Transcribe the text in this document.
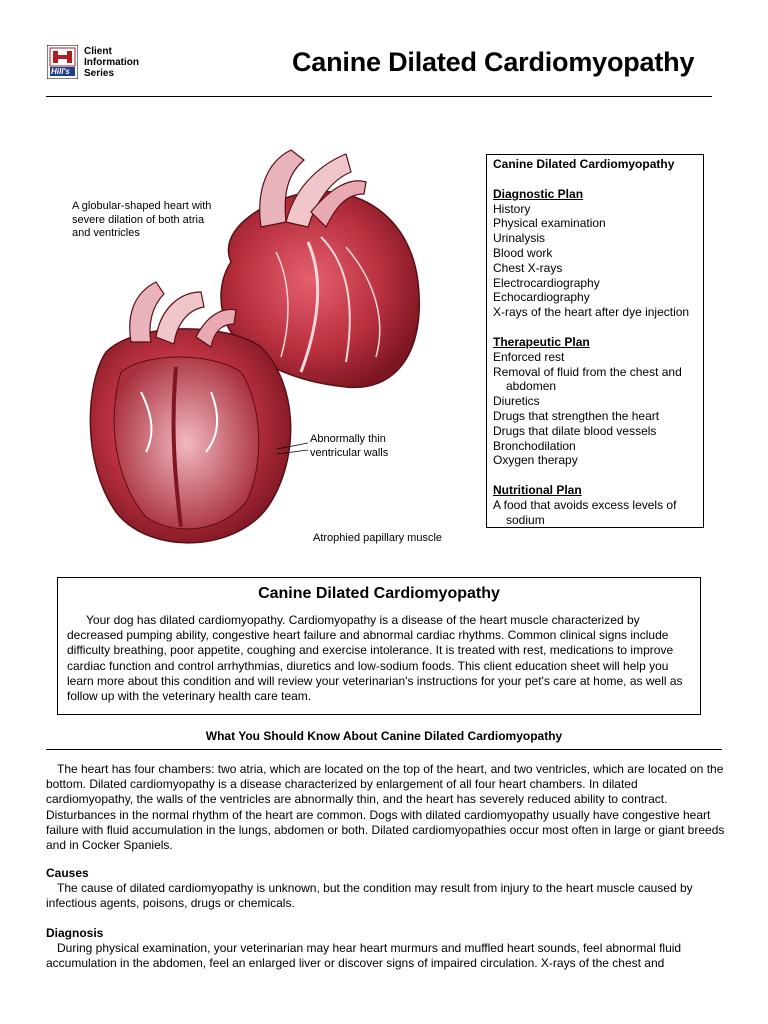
Hill's
Client
Information
Series	Canine Dilated Cardiomyopathy
A globular-shaped heart with
severe dilation of both atria
and ventricles
Abnormally thin
ventricular walls
Atrophied papillary muscle
Canine Dilated Cardiomyopathy
Diagnostic Plan
History
Physical examination
Urinalysis
Blood work
Chest X-rays
Electrocardiography
Echocardiography
X-rays of the heart after dye injection
Therapeutic Plan
Enforced rest
Removal of fluid from the chest and abdomen
Diuretics
Drugs that strengthen the heart
Drugs that dilate blood vessels
Bronchodilation
Oxygen therapy
Nutritional Plan
A food that avoids excess levels of sodium
Canine Dilated Cardiomyopathy

Your dog has dilated cardiomyopathy. Cardiomyopathy is a disease of the heart muscle characterized by decreased pumping ability, congestive heart failure and abnormal cardiac rhythms. Common clinical signs include difficulty breathing, poor appetite, coughing and exercise intolerance. It is treated with rest, medications to improve cardiac function and control arrhythmias, diuretics and low-sodium foods. This client education sheet will help you learn more about this condition and will review your veterinarian's instructions for your pet's care at home, as well as follow up with the veterinary health care team.

What You Should Know About Canine Dilated Cardiomyopathy
The heart has four chambers: two atria, which are located on the top of the heart, and two ventricles, which are located on the bottom. Dilated cardiomyopathy is a disease characterized by enlargement of all four heart chambers. In dilated cardiomyopathy, the walls of the ventricles are abnormally thin, and the heart has severely reduced ability to contract. Disturbances in the normal rhythm of the heart are common. Dogs with dilated cardiomyopathy usually have congestive heart failure with fluid accumulation in the lungs, abdomen or both. Dilated cardiomyopathies occur most often in large or giant breeds and in Cocker Spaniels.
Causes
The cause of dilated cardiomyopathy is unknown, but the condition may result from injury to the heart muscle caused by infectious agents, poisons, drugs or chemicals.
Diagnosis
During physical examination, your veterinarian may hear heart murmurs and muffled heart sounds, feel abnormal fluid accumulation in the abdomen, feel an enlarged liver or discover signs of impaired circulation. X-rays of the chest and
